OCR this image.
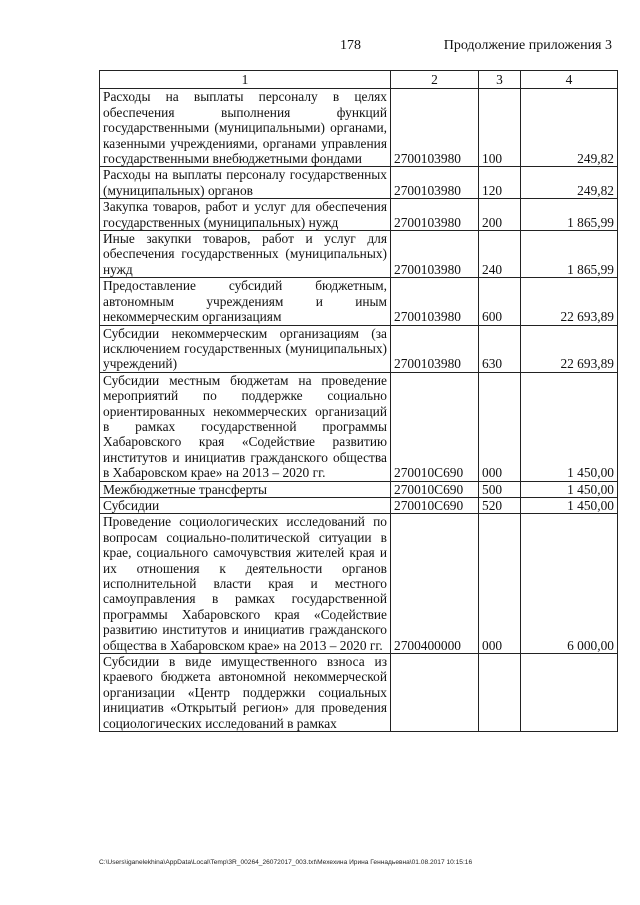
178	Продолжение приложения 3
1	2	3	4
Расходы на выплаты персоналу в целях обеспечения выполнения функций государственными (муниципальными) органами, казенными учреждениями, органами управления государственными внебюджетными фондами	2700103980	100	249,82
Расходы на выплаты персоналу государственных (муниципальных) органов	2700103980	120	249,82
Закупка товаров, работ и услуг для обеспечения государственных (муниципальных) нужд	2700103980	200	1 865,99
Иные закупки товаров, работ и услуг для обеспечения государственных (муниципальных) нужд	2700103980	240	1 865,99
Предоставление субсидий бюджетным, автономным учреждениям и иным некоммерческим организациям	2700103980	600	22 693,89
Субсидии некоммерческим организациям (за исключением государственных (муниципальных) учреждений)	2700103980	630	22 693,89
Субсидии местным бюджетам на проведение мероприятий по поддержке социально ориентированных некоммерческих организаций в рамках государственной программы Хабаровского края «Содействие развитию институтов и инициатив гражданского общества в Хабаровском крае» на 2013 – 2020 гг.	270010С690	000	1 450,00
Межбюджетные трансферты	270010С690	500	1 450,00
Субсидии	270010С690	520	1 450,00
Проведение социологических исследований по вопросам социально-политической ситуации в крае, социального самочувствия жителей края и их отношения к деятельности органов исполнительной власти края и местного самоуправления в рамках государственной программы Хабаровского края «Содействие развитию институтов и инициатив гражданского общества в Хабаровском крае» на 2013 – 2020 гг.	2700400000	000	6 000,00
Субсидии в виде имущественного взноса из краевого бюджета автономной некоммерческой организации «Центр поддержки социальных инициатив «Открытый регион» для проведения социологических исследований в рамках			
C:\Users\iganelekhina\AppData\Local\Temp\3R_00264_26072017_003.txt\Мехехина Ирина Геннадьевна\01.08.2017 10:15:16
